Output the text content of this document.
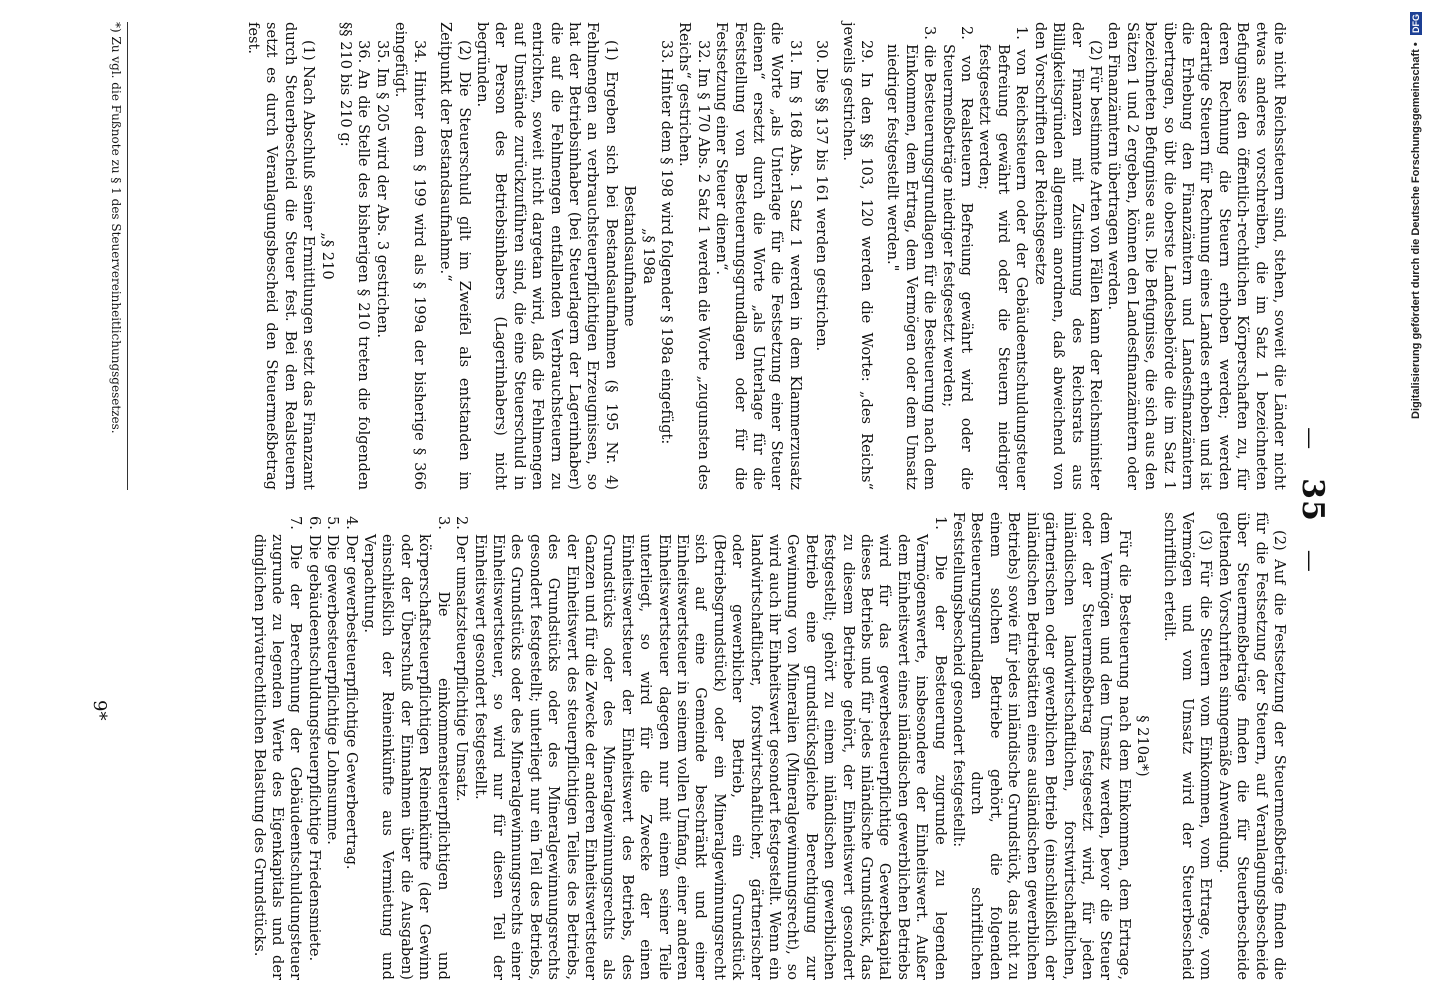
— 35 —

die nicht Reichssteuern sind, stehen, soweit die Länder nicht etwas anderes vorschreiben, die im Satz 1 bezeichneten Befugnisse den öffentlich-rechtlichen Körperschaften zu, für deren Rechnung die Steuern erhoben werden; werden derartige Steuern für Rechnung eines Landes erhoben und ist die Erhebung den Finanzämtern und Landesfinanzämtern übertragen, so übt die oberste Landesbehörde die im Satz 1 bezeichneten Befugnisse aus. Die Befugnisse, die sich aus den Sätzen 1 und 2 ergeben, können den Landesfinanzämtern oder den Finanzämtern übertragen werden.

(2) Für bestimmte Arten von Fällen kann der Reichsminister der Finanzen mit Zustimmung des Reichsrats aus Billigkeitsgründen allgemein anordnen, daß abweichend von den Vorschriften der Reichsgesetze

1. von Reichssteuern oder der Gebäudeentschuldungsteuer Befreiung gewährt wird oder die Steuern niedriger festgesetzt werden;

2. von Realsteuern Befreiung gewährt wird oder die Steuermeßbeträge niedriger festgesetzt werden;

3. die Besteuerungsgrundlagen für die Besteuerung nach dem Einkommen, dem Ertrag, dem Vermögen oder dem Umsatz niedriger festgestellt werden."

29. In den §§ 103, 120 werden die Worte: „des Reichs“ jeweils gestrichen.

30. Die §§ 137 bis 161 werden gestrichen.

31. Im § 168 Abs. 1 Satz 1 werden in dem Klammerzusatz die Worte „als Unterlage für die Festsetzung einer Steuer dienen“ ersetzt durch die Worte „als Unterlage für die Feststellung von Besteuerungsgrundlagen oder für die Festsetzung einer Steuer dienen“.

32. Im § 170 Abs. 2 Satz 1 werden die Worte „zugunsten des Reichs“ gestrichen.

33. Hinter dem § 198 wird folgender § 198a eingefügt:

„§ 198a
Bestandsaufnahme

(1) Ergeben sich bei Bestandsaufnahmen (§ 195 Nr. 4) Fehlmengen an verbrauchsteuerpflichtigen Erzeugnissen, so hat der Betriebsinhaber (bei Steuerlagern der Lagerinhaber) die auf die Fehlmengen entfallenden Verbrauchsteuern zu entrichten, soweit nicht dargetan wird, daß die Fehlmengen auf Umstände zurückzuführen sind, die eine Steuerschuld in der Person des Betriebsinhabers (Lagerinhabers) nicht begründen.

(2) Die Steuerschuld gilt im Zweifel als entstanden im Zeitpunkt der Bestandsaufnahme.“

34. Hinter dem § 199 wird als § 199a der bisherige § 366 eingefügt.

35. Im § 205 wird der Abs. 3 gestrichen.

36. An die Stelle des bisherigen § 210 treten die folgenden §§ 210 bis 210 g:

„§ 210

(1) Nach Abschluß seiner Ermittlungen setzt das Finanzamt durch Steuerbescheid die Steuer fest. Bei den Realsteuern setzt es durch Veranlagungsbescheid den Steuermeßbetrag fest.

(2) Auf die Festsetzung der Steuermeßbeträge finden die für die Festsetzung der Steuern, auf Veranlagungsbescheide über Steuermeßbeträge finden die für Steuerbescheide geltenden Vorschriften sinngemäße Anwendung.

(3) Für die Steuern vom Einkommen, vom Ertrage, vom Vermögen und vom Umsatz wird der Steuerbescheid schriftlich erteilt.

§ 210a*)

Für die Besteuerung nach dem Einkommen, dem Ertrage, dem Vermögen und dem Umsatz werden, bevor die Steuer oder der Steuermeßbetrag festgesetzt wird, für jeden inländischen landwirtschaftlichen, forstwirtschaftlichen, gärtnerischen oder gewerblichen Betrieb (einschließlich der inländischen Betriebstätten eines ausländischen gewerblichen Betriebs) sowie für jedes inländische Grundstück, das nicht zu einem solchen Betriebe gehört, die folgenden Besteuerungsgrundlagen durch schriftlichen Feststellungsbescheid gesondert festgestellt:

1. Die der Besteuerung zugrunde zu legenden Vermögenswerte, insbesondere der Einheitswert. Außer dem Einheitswert eines inländischen gewerblichen Betriebs wird für das gewerbesteuerpflichtige Gewerbekapital dieses Betriebs und für jedes inländische Grundstück, das zu diesem Betriebe gehört, der Einheitswert gesondert festgestellt; gehört zu einem inländischen gewerblichen Betrieb eine grundstücksgleiche Berechtigung zur Gewinnung von Mineralien (Mineralgewinnungsrecht), so wird auch ihr Einheitswert gesondert festgestellt. Wenn ein landwirtschaftlicher, forstwirtschaftlicher, gärtnerischer oder gewerblicher Betrieb, ein Grundstück (Betriebsgrundstück) oder ein Mineralgewinnungsrecht sich auf eine Gemeinde beschränkt und einer Einheitswertsteuer in seinem vollen Umfang, einer anderen Einheitswertsteuer dagegen nur mit einem seiner Teile unterliegt, so wird für die Zwecke der einen Einheitswertsteuer der Einheitswert des Betriebs, des Grundstücks oder des Mineralgewinnungsrechts als Ganzen und für die Zwecke der anderen Einheitswertsteuer der Einheitswert des steuerpflichtigen Teiles des Betriebs, des Grundstücks oder des Mineralgewinnungsrechts gesondert festgestellt; unterliegt nur ein Teil des Betriebs, des Grundstücks oder des Mineralgewinnungsrechts einer Einheitswertsteuer, so wird nur für diesen Teil der Einheitswert gesondert festgestellt.

2. Der umsatzsteuerpflichtige Umsatz.

3. Die einkommensteuerpflichtigen und körperschaftsteuerpflichtigen Reineinkünfte (der Gewinn oder der Überschuß der Einnahmen über die Ausgaben) einschließlich der Reineinkünfte aus Vermietung und Verpachtung.

4. Der gewerbesteuerpflichtige Gewerbeertrag.

5. Die gewerbesteuerpflichtige Lohnsumme.

6. Die gebäudeentschuldungsteuerpflichtige Friedensmiete.

7. Die der Berechnung der Gebäudeentschuldungsteuer zugrunde zu legenden Werte des Eigenkapitals und der dinglichen privatrechtlichen Belastung des Grundstücks.

*) Zu vgl. die Fußnote zu § 1 des Steuervereinheitlichungsgesetzes.
9*
Digitalisierung gefördert durch die Deutsche Forschungsgemeinschaft • DFG
